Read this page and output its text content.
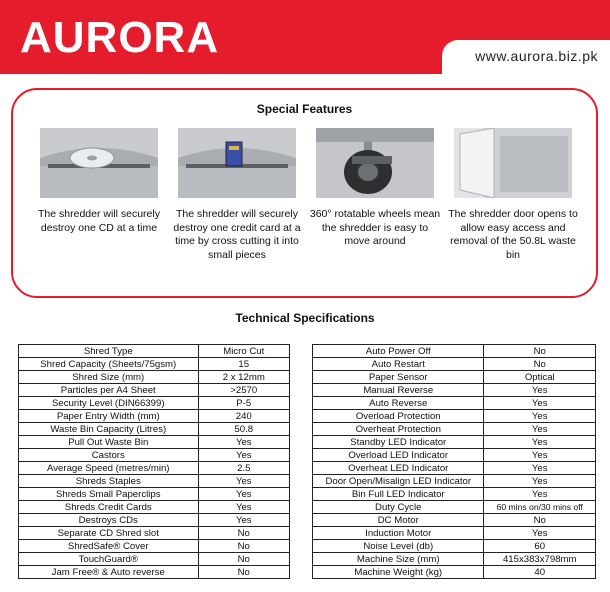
AURORA	www.aurora.biz.pk
Special Features
The shredder will securely destroy one CD at a time
The shredder will securely destroy one credit card at a time by cross cutting it into small pieces
360° rotatable wheels mean the shredder is easy to move around
The shredder door opens to allow easy access and removal of the 50.8L waste bin
Technical Specifications
Shred Type	Micro Cut
Shred Capacity (Sheets/75gsm)	15
Shred Size (mm)	2 x 12mm
Particles per A4 Sheet	>2570
Security Level (DIN66399)	P-5
Paper Entry Width (mm)	240
Waste Bin Capacity (Litres)	50.8
Pull Out Waste Bin	Yes
Castors	Yes
Average Speed (metres/min)	2.5
Shreds Staples	Yes
Shreds Small Paperclips	Yes
Shreds Credit Cards	Yes
Destroys CDs	Yes
Separate CD Shred slot	No
ShredSafe® Cover	No
TouchGuard®	No
Jam Free® & Auto reverse	No
Auto Power Off	No
Auto Restart	No
Paper Sensor	Optical
Manual Reverse	Yes
Auto Reverse	Yes
Overload Protection	Yes
Overheat Protection	Yes
Standby LED Indicator	Yes
Overload LED Indicator	Yes
Overheat LED Indicator	Yes
Door Open/Misalign LED Indicator	Yes
Bin Full LED Indicator	Yes
Duty Cycle	60 mins on/30 mins off
DC Motor	No
Induction Motor	Yes
Noise Level (db)	60
Machine Size (mm)	415x383x798mm
Machine Weight (kg)	40
